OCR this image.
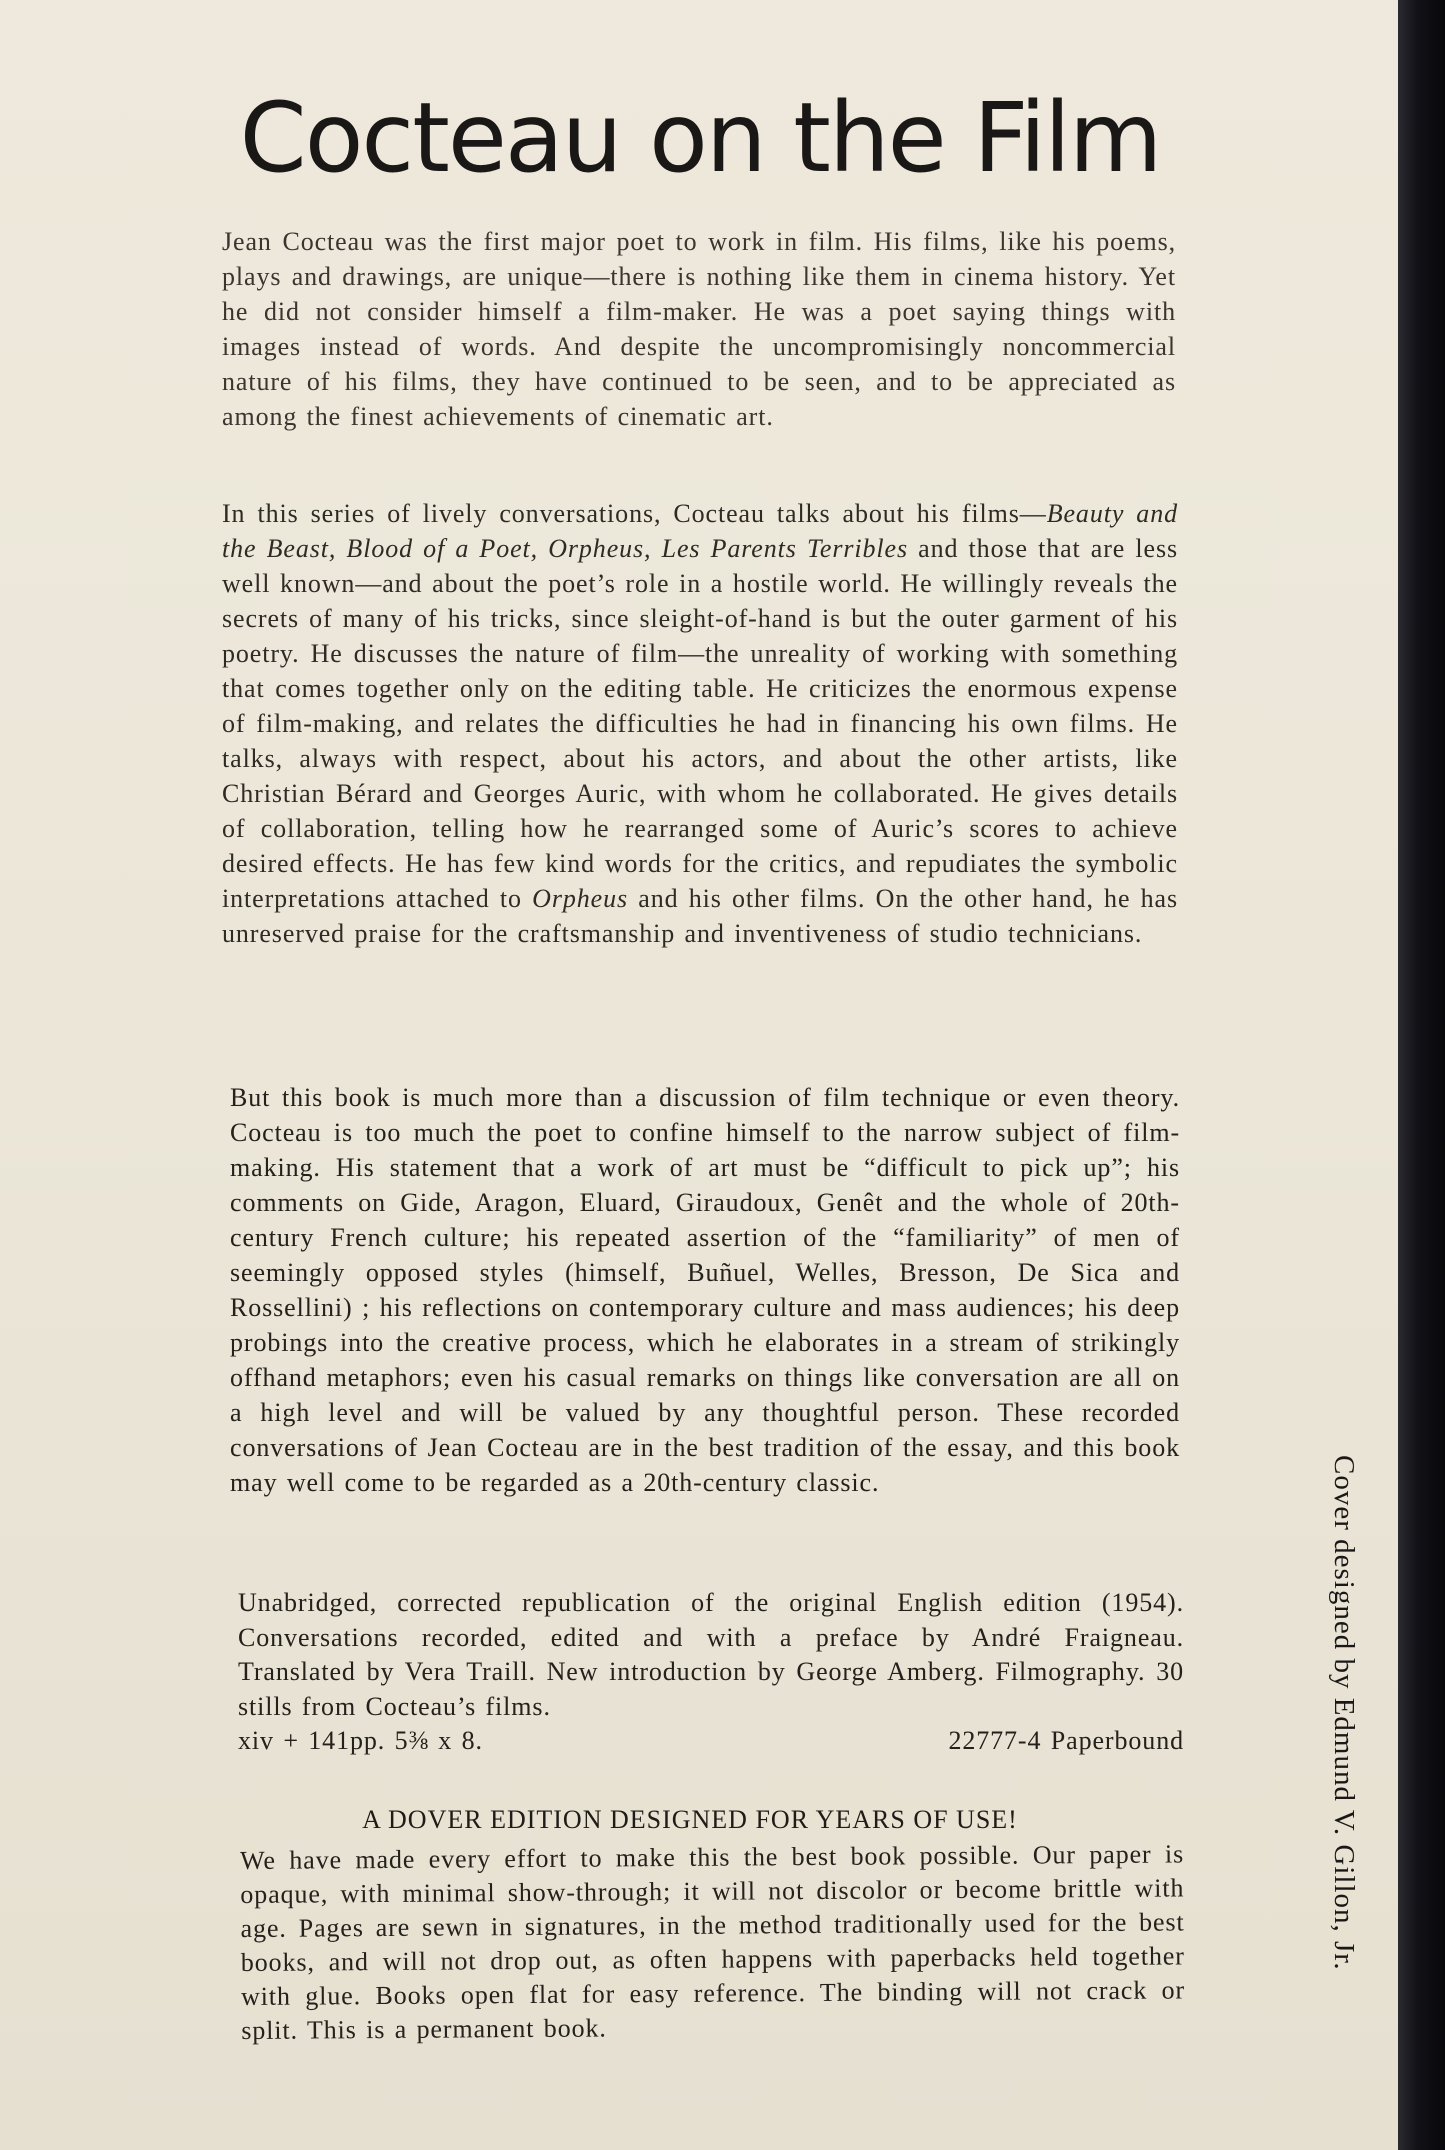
Cocteau on the Film

Jean Cocteau was the first major poet to work in film. His films, like his poems, plays and drawings, are unique—there is nothing like them in cinema history. Yet he did not consider himself a film-maker. He was a poet saying things with images instead of words. And despite the uncompromisingly noncommercial nature of his films, they have continued to be seen, and to be appreciated as among the finest achievements of cinematic art.

In this series of lively conversations, Cocteau talks about his films—Beauty and the Beast, Blood of a Poet, Orpheus, Les Parents Terribles and those that are less well known—and about the poet’s role in a hostile world. He willingly reveals the secrets of many of his tricks, since sleight-of-hand is but the outer garment of his poetry. He discusses the nature of film—the unreality of working with something that comes together only on the editing table. He criticizes the enormous expense of film-making, and relates the difficulties he had in financing his own films. He talks, always with respect, about his actors, and about the other artists, like Christian Bérard and Georges Auric, with whom he collaborated. He gives details of collaboration, telling how he rearranged some of Auric’s scores to achieve desired effects. He has few kind words for the critics, and repudiates the symbolic interpretations attached to Orpheus and his other films. On the other hand, he has unreserved praise for the craftsmanship and inventiveness of studio technicians.

But this book is much more than a discussion of film technique or even theory. Cocteau is too much the poet to confine himself to the narrow subject of film-making. His statement that a work of art must be “difficult to pick up”; his comments on Gide, Aragon, Eluard, Giraudoux, Genêt and the whole of 20th-century French culture; his repeated assertion of the “familiarity” of men of seemingly opposed styles (himself, Buñuel, Welles, Bresson, De Sica and Rossellini) ; his reflections on contemporary culture and mass audiences; his deep probings into the creative process, which he elaborates in a stream of strikingly offhand metaphors; even his casual remarks on things like conversation are all on a high level and will be valued by any thoughtful person. These recorded conversations of Jean Cocteau are in the best tradition of the essay, and this book may well come to be regarded as a 20th-century classic.

Unabridged, corrected republication of the original English edition (1954). Conversations recorded, edited and with a preface by André Fraigneau. Translated by Vera Traill. New introduction by George Amberg. Filmography. 30 stills from Cocteau’s films.
xiv + 141pp. 5⅜ x 8.	22777-4 Paperbound

A DOVER EDITION DESIGNED FOR YEARS OF USE!

We have made every effort to make this the best book possible. Our paper is opaque, with minimal show-through; it will not discolor or become brittle with age. Pages are sewn in signatures, in the method traditionally used for the best books, and will not drop out, as often happens with paperbacks held together with glue. Books open flat for easy reference. The binding will not crack or split. This is a permanent book.

Cover designed by Edmund V. Gillon, Jr.
